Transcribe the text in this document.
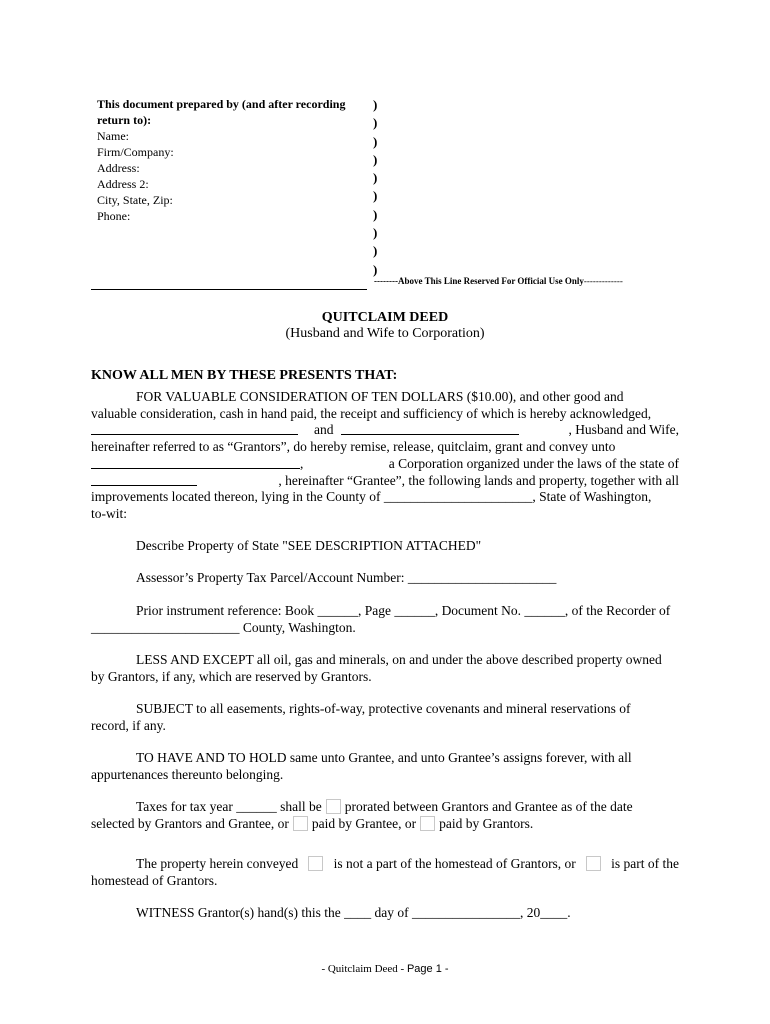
This document prepared by (and after recording return to):
Name:
Firm/Company:
Address:
Address 2:
City, State, Zip:
Phone:
)
)
)
)
)
)
)
)
)
)
--------Above This Line Reserved For Official Use Only-------------
QUITCLAIM DEED
(Husband and Wife to Corporation)
KNOW ALL MEN BY THESE PRESENTS THAT:
FOR VALUABLE CONSIDERATION OF TEN DOLLARS ($10.00), and other good and
valuable consideration, cash in hand paid, the receipt and sufficiency of which is hereby acknowledged,
and	, Husband and Wife,
hereinafter referred to as “Grantors”, do hereby remise, release, quitclaim, grant and convey unto
,	a Corporation organized under the laws of the state of
, hereinafter “Grantee”, the following lands and property, together with all
improvements located thereon, lying in the County of ______________________, State of Washington,
to-wit:
Describe Property of State "SEE DESCRIPTION ATTACHED"
Assessor’s Property Tax Parcel/Account Number: ______________________
Prior instrument reference: Book ______, Page ______, Document No. ______, of the Recorder of
______________________ County, Washington.
LESS AND EXCEPT all oil, gas and minerals, on and under the above described property owned
by Grantors, if any, which are reserved by Grantors.
SUBJECT to all easements, rights-of-way, protective covenants and mineral reservations of
record, if any.
TO HAVE AND TO HOLD same unto Grantee, and unto Grantee’s assigns forever, with all
appurtenances thereunto belonging.
Taxes for tax year ______ shall be prorated between Grantors and Grantee as of the date
selected by Grantors and Grantee, or paid by Grantee, or paid by Grantors.
The property herein conveyed	is not a part of the homestead of Grantors, or	is part of the
homestead of Grantors.
WITNESS Grantor(s) hand(s) this the ____ day of ________________, 20____.
- Quitclaim Deed - Page 1 -
